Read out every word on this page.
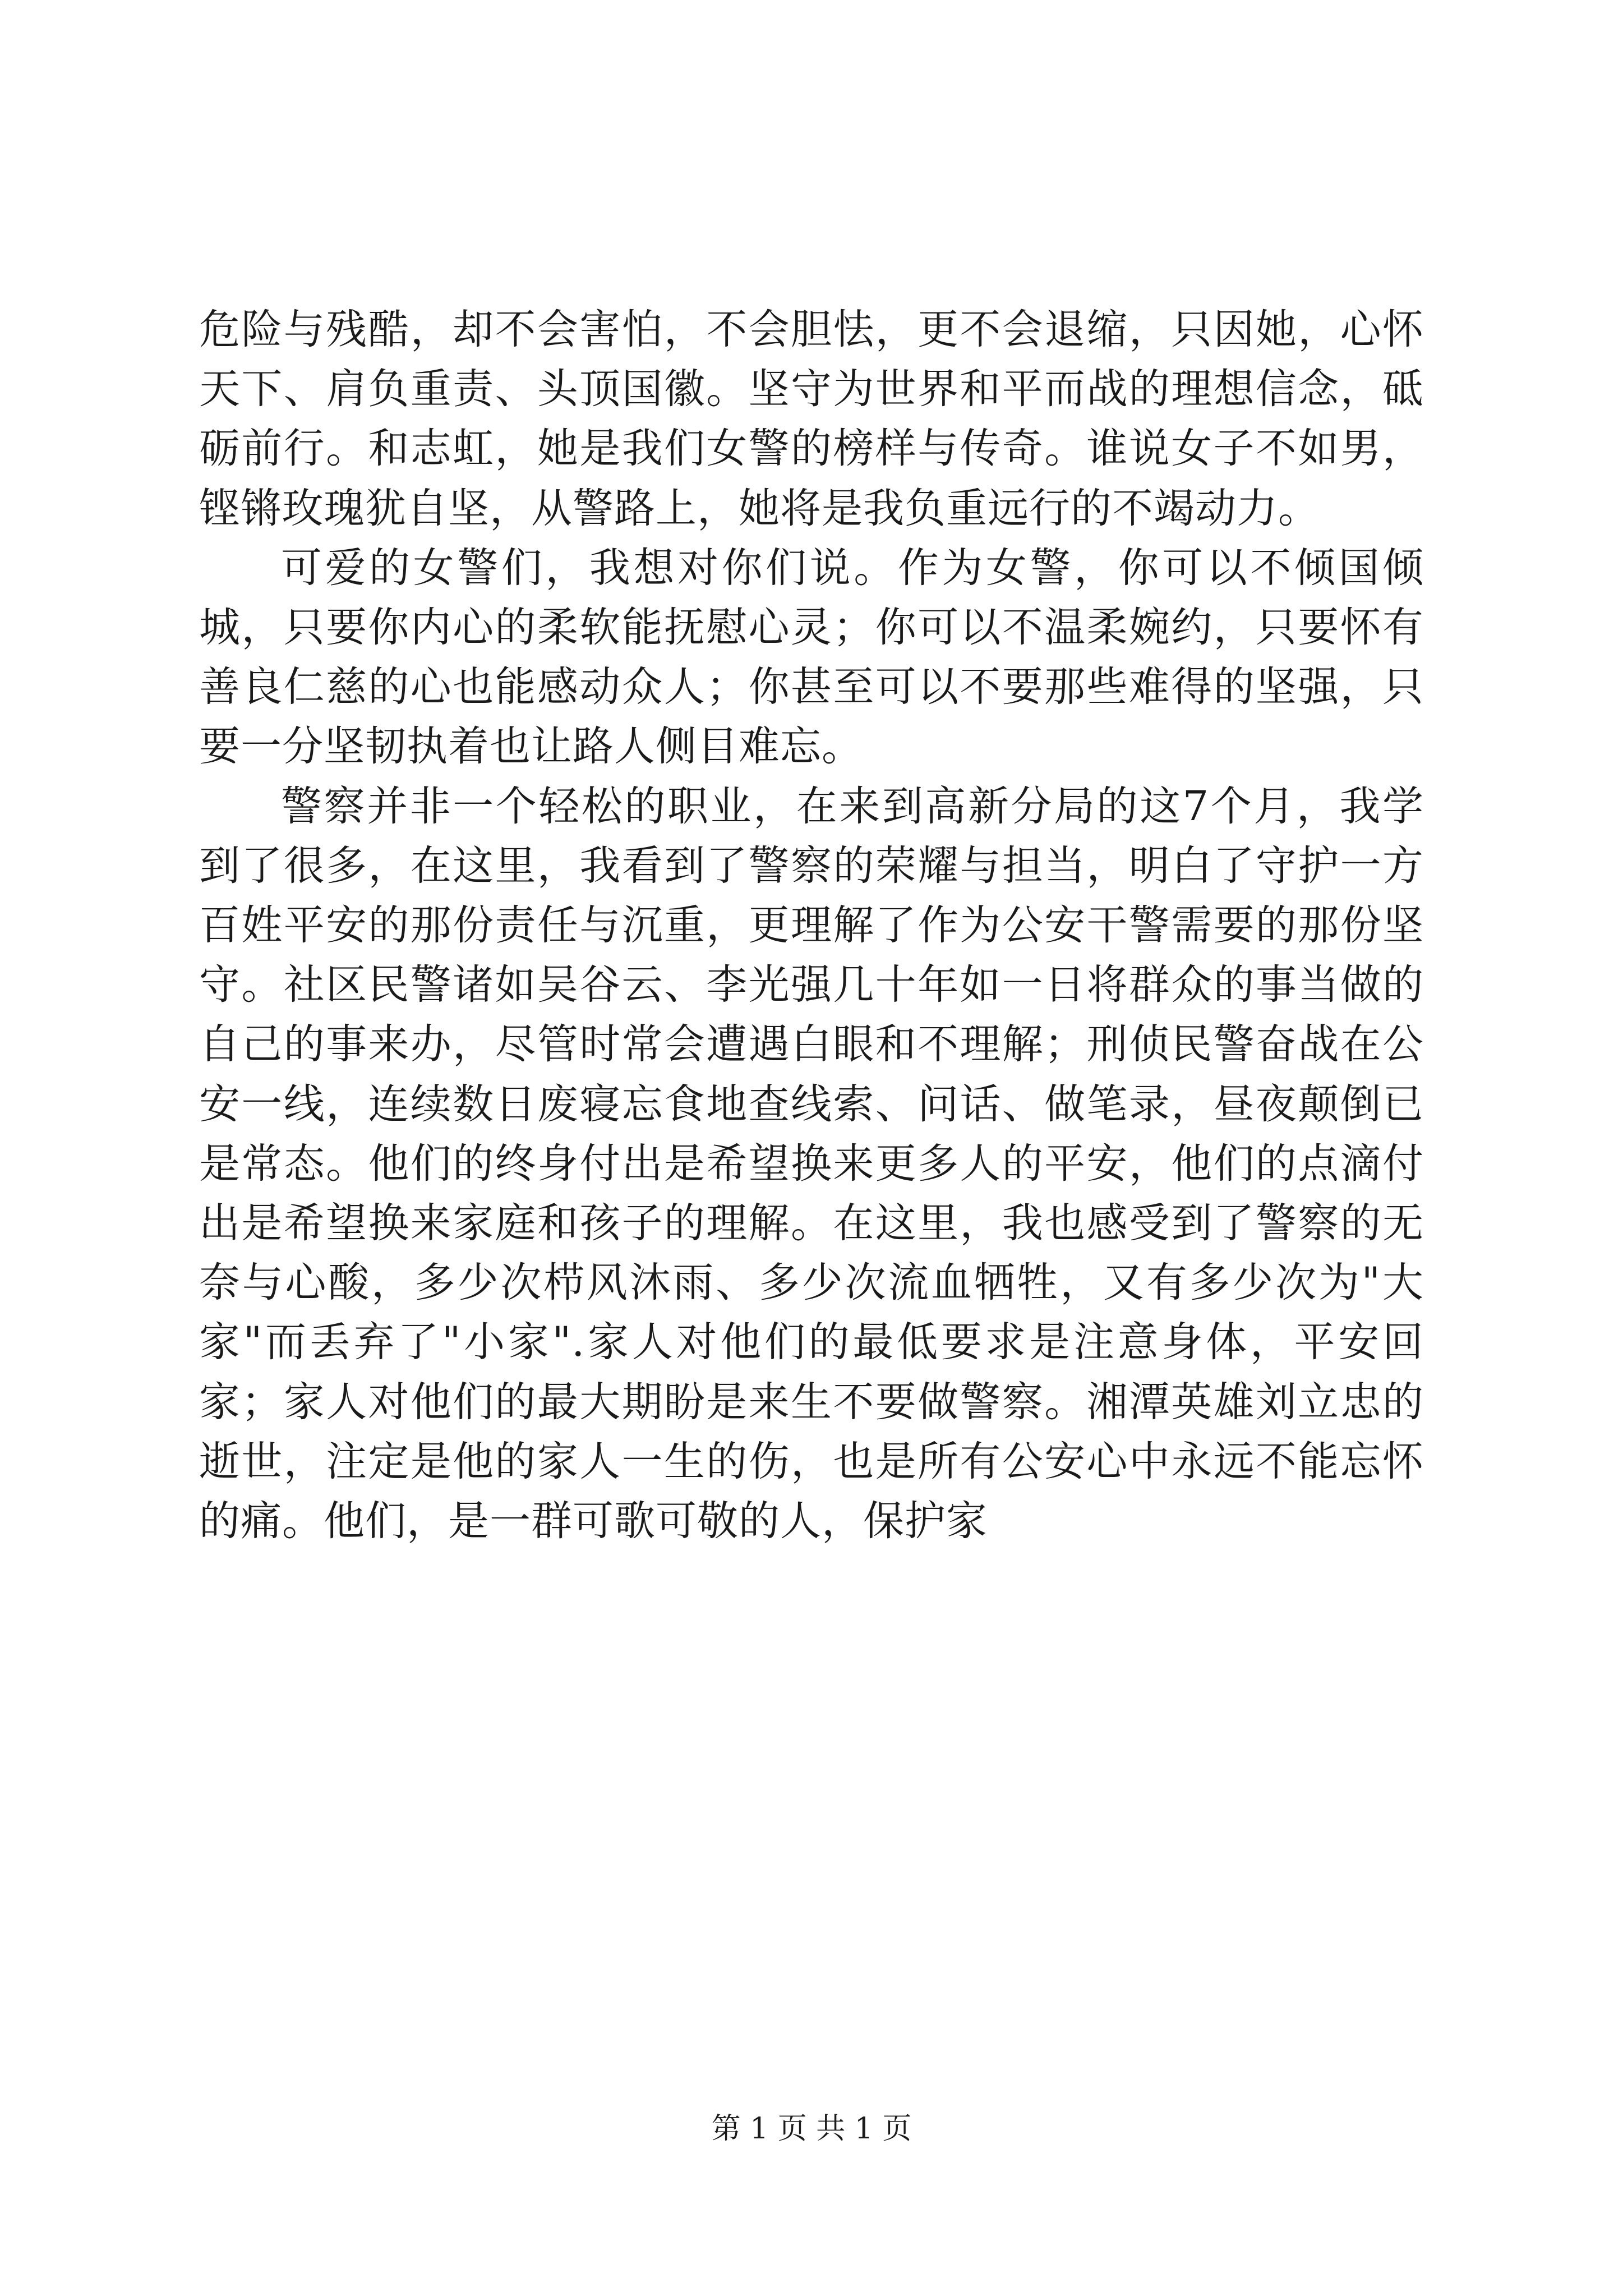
危险与残酷，却不会害怕，不会胆怯，更不会退缩，只因她，心怀天下、肩负重责、头顶国徽。坚守为世界和平而战的理想信念，砥砺前行。和志虹，她是我们女警的榜样与传奇。谁说女子不如男，铿锵玫瑰犹自坚，从警路上，她将是我负重远行的不竭动力。

可爱的女警们，我想对你们说。作为女警，你可以不倾国倾城，只要你内心的柔软能抚慰心灵；你可以不温柔婉约，只要怀有善良仁慈的心也能感动众人；你甚至可以不要那些难得的坚强，只要一分坚韧执着也让路人侧目难忘。

警察并非一个轻松的职业，在来到高新分局的这7个月，我学到了很多，在这里，我看到了警察的荣耀与担当，明白了守护一方百姓平安的那份责任与沉重，更理解了作为公安干警需要的那份坚守。社区民警诸如吴谷云、李光强几十年如一日将群众的事当做的自己的事来办，尽管时常会遭遇白眼和不理解；刑侦民警奋战在公安一线，连续数日废寝忘食地查线索、问话、做笔录，昼夜颠倒已是常态。他们的终身付出是希望换来更多人的平安，他们的点滴付出是希望换来家庭和孩子的理解。在这里，我也感受到了警察的无奈与心酸，多少次栉风沐雨、多少次流血牺牲，又有多少次为"大家"而丢弃了"小家".家人对他们的最低要求是注意身体，平安回家；家人对他们的最大期盼是来生不要做警察。湘潭英雄刘立忠的逝世，注定是他的家人一生的伤，也是所有公安心中永远不能忘怀的痛。他们，是一群可歌可敬的人，保护家

第 1 页 共 1 页
